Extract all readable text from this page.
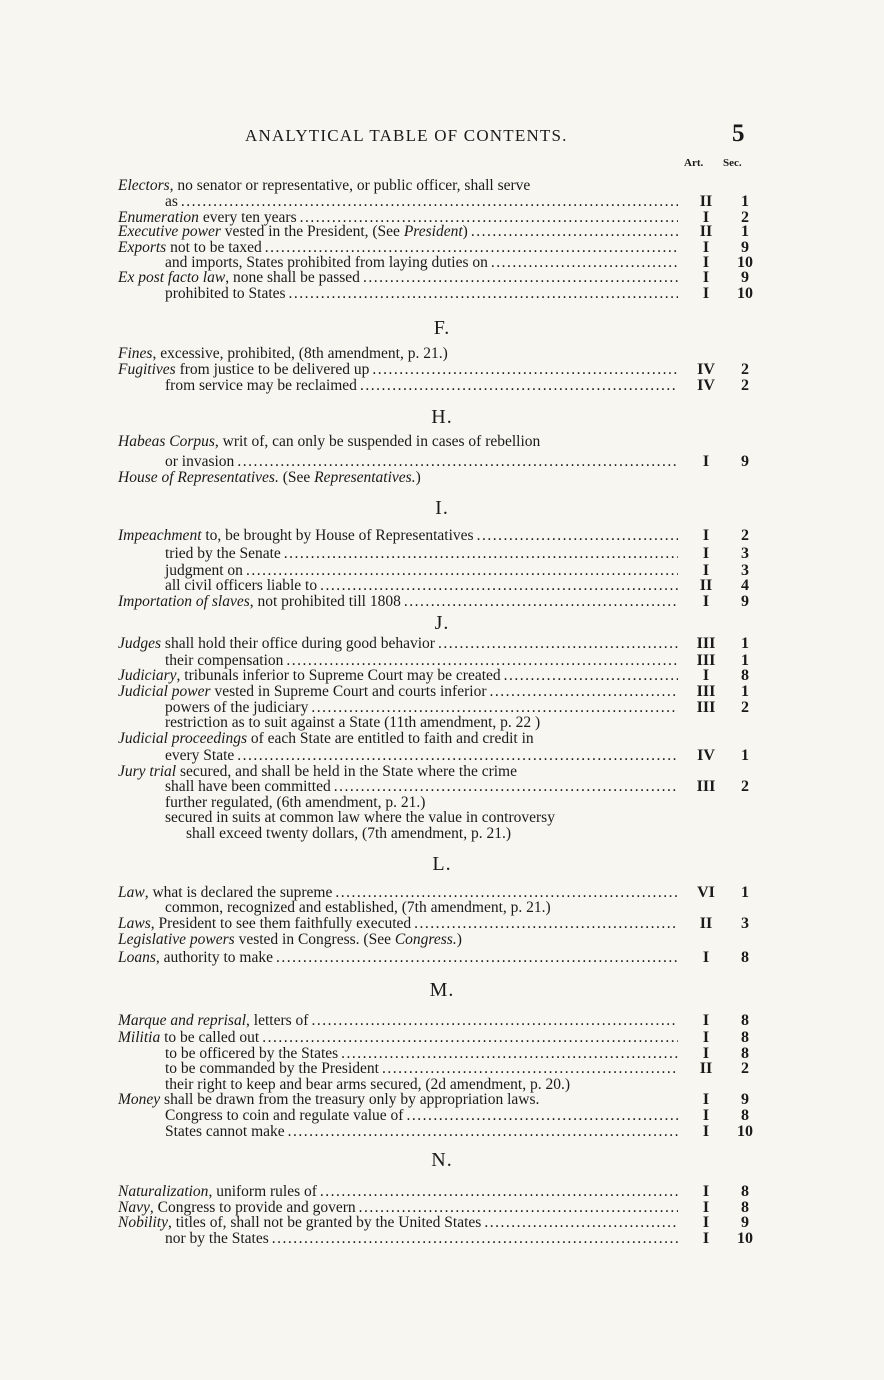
ANALYTICAL TABLE OF CONTENTS.	5
Art. Sec.
F.
H.
I.
J.
L.
M.
N.
Electors, no senator or representative, or public officer, shall serve
as .....	II	1
Enumeration every ten years .....	I	2
Executive power vested in the President, (See President) .....	II	1
Exports not to be taxed .....	I	9
and imports, States prohibited from laying duties on .....	I	10
Ex post facto law, none shall be passed .....	I	9
prohibited to States .....	I	10
Fines, excessive, prohibited, (8th amendment, p. 21.)
Fugitives from justice to be delivered up .....	IV	2
from service may be reclaimed .....	IV	2
Habeas Corpus, writ of, can only be suspended in cases of rebellion
or invasion .....	I	9
House of Representatives. (See Representatives.)
Impeachment to, be brought by House of Representatives .....	I	2
tried by the Senate .....	I	3
judgment on .....	I	3
all civil officers liable to .....	II	4
Importation of slaves, not prohibited till 1808 .....	I	9
Judges shall hold their office during good behavior .....	III	1
their compensation .....	III	1
Judiciary, tribunals inferior to Supreme Court may be created .....	I	8
Judicial power vested in Supreme Court and courts inferior .....	III	1
powers of the judiciary .....	III	2
restriction as to suit against a State (11th amendment, p. 22 )
Judicial proceedings of each State are entitled to faith and credit in
every State .....	IV	1
Jury trial secured, and shall be held in the State where the crime
shall have been committed .....	III	2
further regulated, (6th amendment, p. 21.)
secured in suits at common law where the value in controversy
shall exceed twenty dollars, (7th amendment, p. 21.)
Law, what is declared the supreme .....	VI	1
common, recognized and established, (7th amendment, p. 21.)
Laws, President to see them faithfully executed .....	II	3
Legislative powers vested in Congress. (See Congress.)
Loans, authority to make .....	I	8
Marque and reprisal, letters of .....	I	8
Militia to be called out .....	I	8
to be officered by the States .....	I	8
to be commanded by the President .....	II	2
their right to keep and bear arms secured, (2d amendment, p. 20.)
Money shall be drawn from the treasury only by appropriation laws.	I	9
Congress to coin and regulate value of .....	I	8
States cannot make .....	I	10
Naturalization, uniform rules of .....	I	8
Navy, Congress to provide and govern .....	I	8
Nobility, titles of, shall not be granted by the United States .....	I	9
nor by the States .....	I	10
